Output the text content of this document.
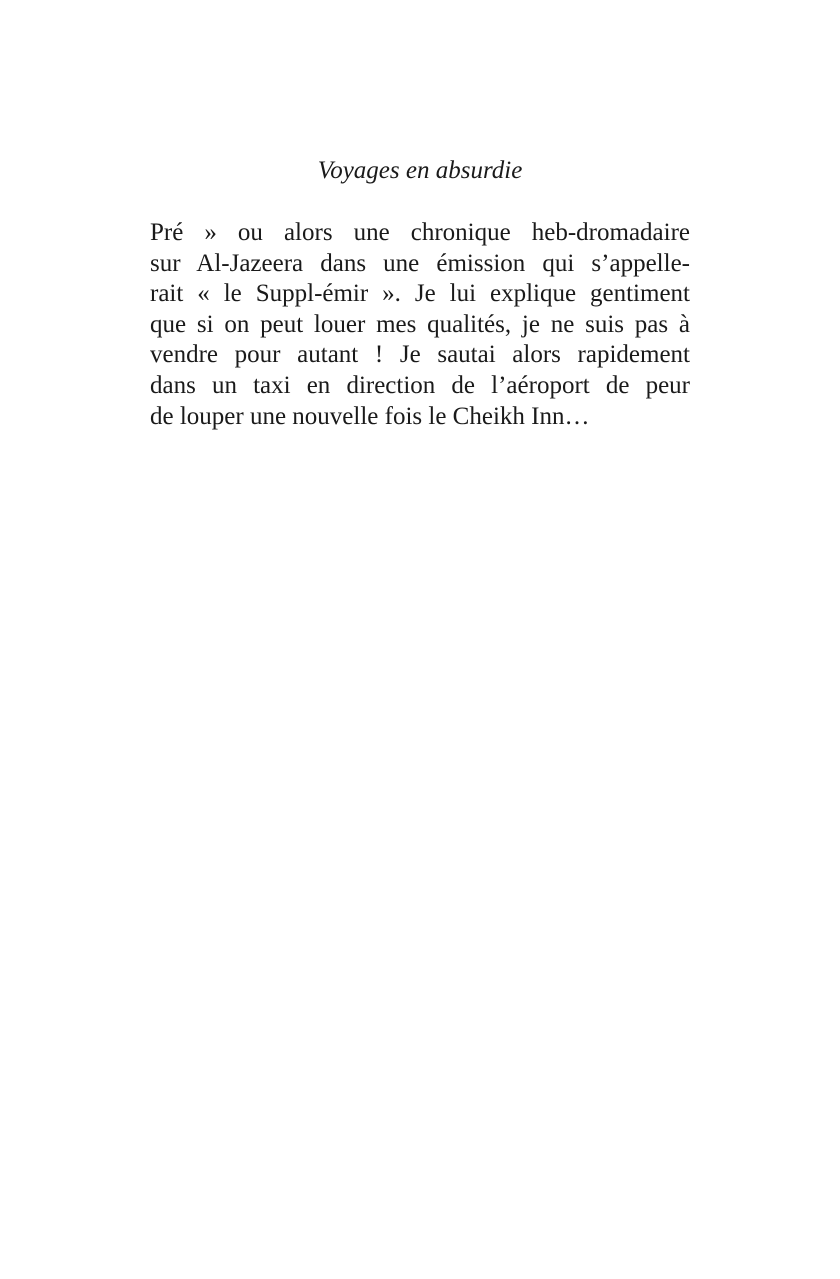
Voyages en absurdie
Pré » ou alors une chronique heb-dromadaire
sur Al-Jazeera dans une émission qui s’appelle-
rait « le Suppl-émir ». Je lui explique gentiment
que si on peut louer mes qualités, je ne suis pas à
vendre pour autant ! Je sautai alors rapidement
dans un taxi en direction de l’aéroport de peur
de louper une nouvelle fois le Cheikh Inn…
